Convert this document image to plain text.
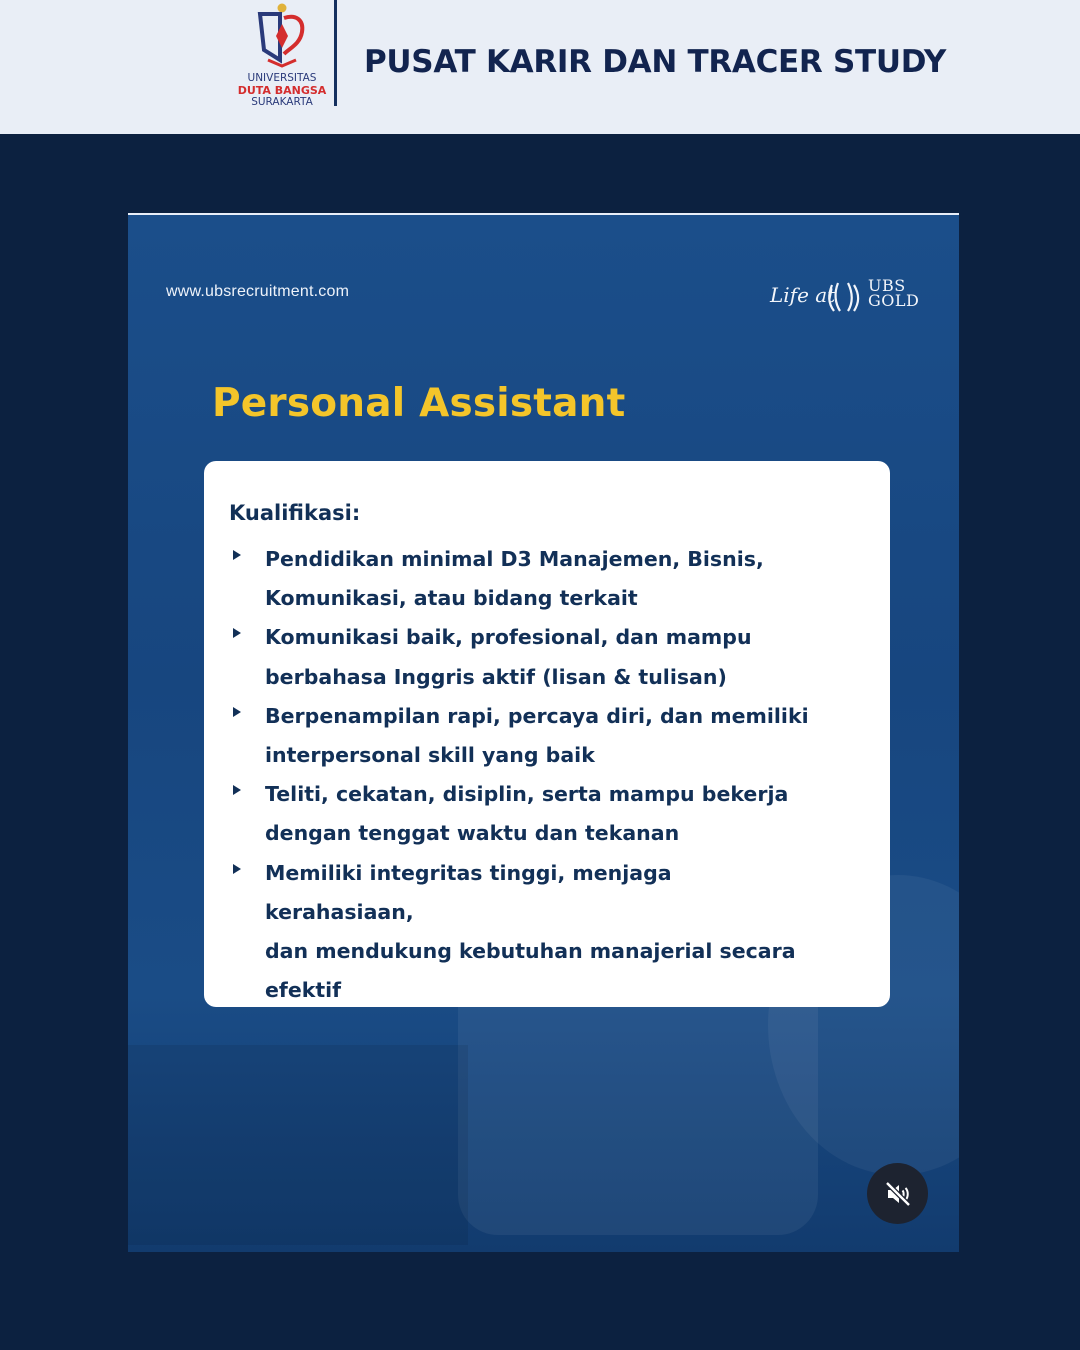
UNIVERSITAS
DUTA BANGSA
SURAKARTA
PUSAT KARIR DAN TRACER STUDY
www.ubsrecruitment.com	Life at UBS
GOLD
Personal Assistant
Kualifikasi:
Pendidikan minimal D3 Manajemen, Bisnis,
Komunikasi, atau bidang terkait
Komunikasi baik, profesional, dan mampu
berbahasa Inggris aktif (lisan & tulisan)
Berpenampilan rapi, percaya diri, dan memiliki
interpersonal skill yang baik
Teliti, cekatan, disiplin, serta mampu bekerja
dengan tenggat waktu dan tekanan
Memiliki integritas tinggi, menjaga kerahasiaan,
dan mendukung kebutuhan manajerial secara
efektif
